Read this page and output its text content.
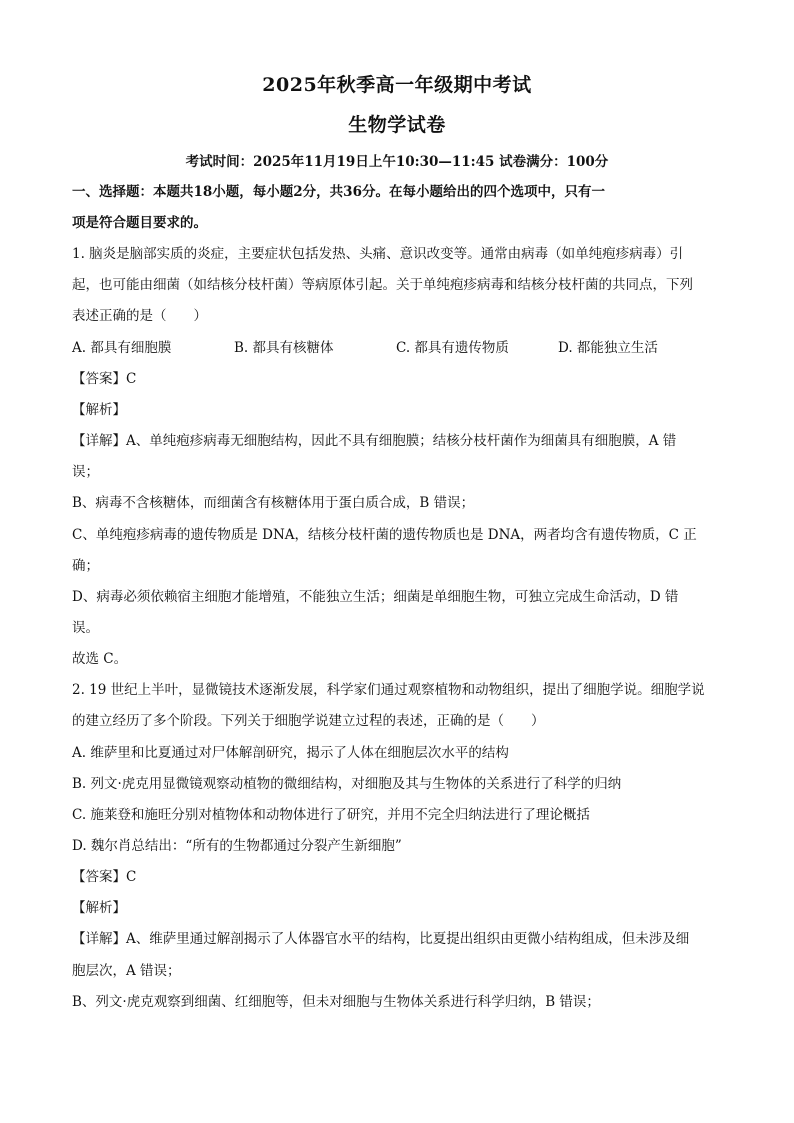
2025年秋季高一年级期中考试
生物学试卷
考试时间：2025年11月19日上午10:30—11:45 试卷满分：100分
一、选择题：本题共18小题，每小题2分，共36分。在每小题给出的四个选项中，只有一
项是符合题目要求的。
1. 脑炎是脑部实质的炎症，主要症状包括发热、头痛、意识改变等。通常由病毒（如单纯疱疹病毒）引
起，也可能由细菌（如结核分枝杆菌）等病原体引起。关于单纯疱疹病毒和结核分枝杆菌的共同点，下列
表述正确的是（　　）
A. 都具有细胞膜	B. 都具有核糖体	C. 都具有遗传物质	D. 都能独立生活
【答案】C
【解析】
【详解】A、单纯疱疹病毒无细胞结构，因此不具有细胞膜；结核分枝杆菌作为细菌具有细胞膜，A 错
误；
B、病毒不含核糖体，而细菌含有核糖体用于蛋白质合成，B 错误；
C、单纯疱疹病毒的遗传物质是 DNA，结核分枝杆菌的遗传物质也是 DNA，两者均含有遗传物质，C 正
确；
D、病毒必须依赖宿主细胞才能增殖，不能独立生活；细菌是单细胞生物，可独立完成生命活动，D 错
误。
故选 C。
2. 19 世纪上半叶，显微镜技术逐渐发展，科学家们通过观察植物和动物组织，提出了细胞学说。细胞学说
的建立经历了多个阶段。下列关于细胞学说建立过程的表述，正确的是（　　）
A. 维萨里和比夏通过对尸体解剖研究，揭示了人体在细胞层次水平的结构
B. 列文·虎克用显微镜观察动植物的微细结构，对细胞及其与生物体的关系进行了科学的归纳
C. 施莱登和施旺分别对植物体和动物体进行了研究，并用不完全归纳法进行了理论概括
D. 魏尔肖总结出：“所有的生物都通过分裂产生新细胞”
【答案】C
【解析】
【详解】A、维萨里通过解剖揭示了人体器官水平的结构，比夏提出组织由更微小结构组成，但未涉及细
胞层次，A 错误；
B、列文·虎克观察到细菌、红细胞等，但未对细胞与生物体关系进行科学归纳，B 错误；
